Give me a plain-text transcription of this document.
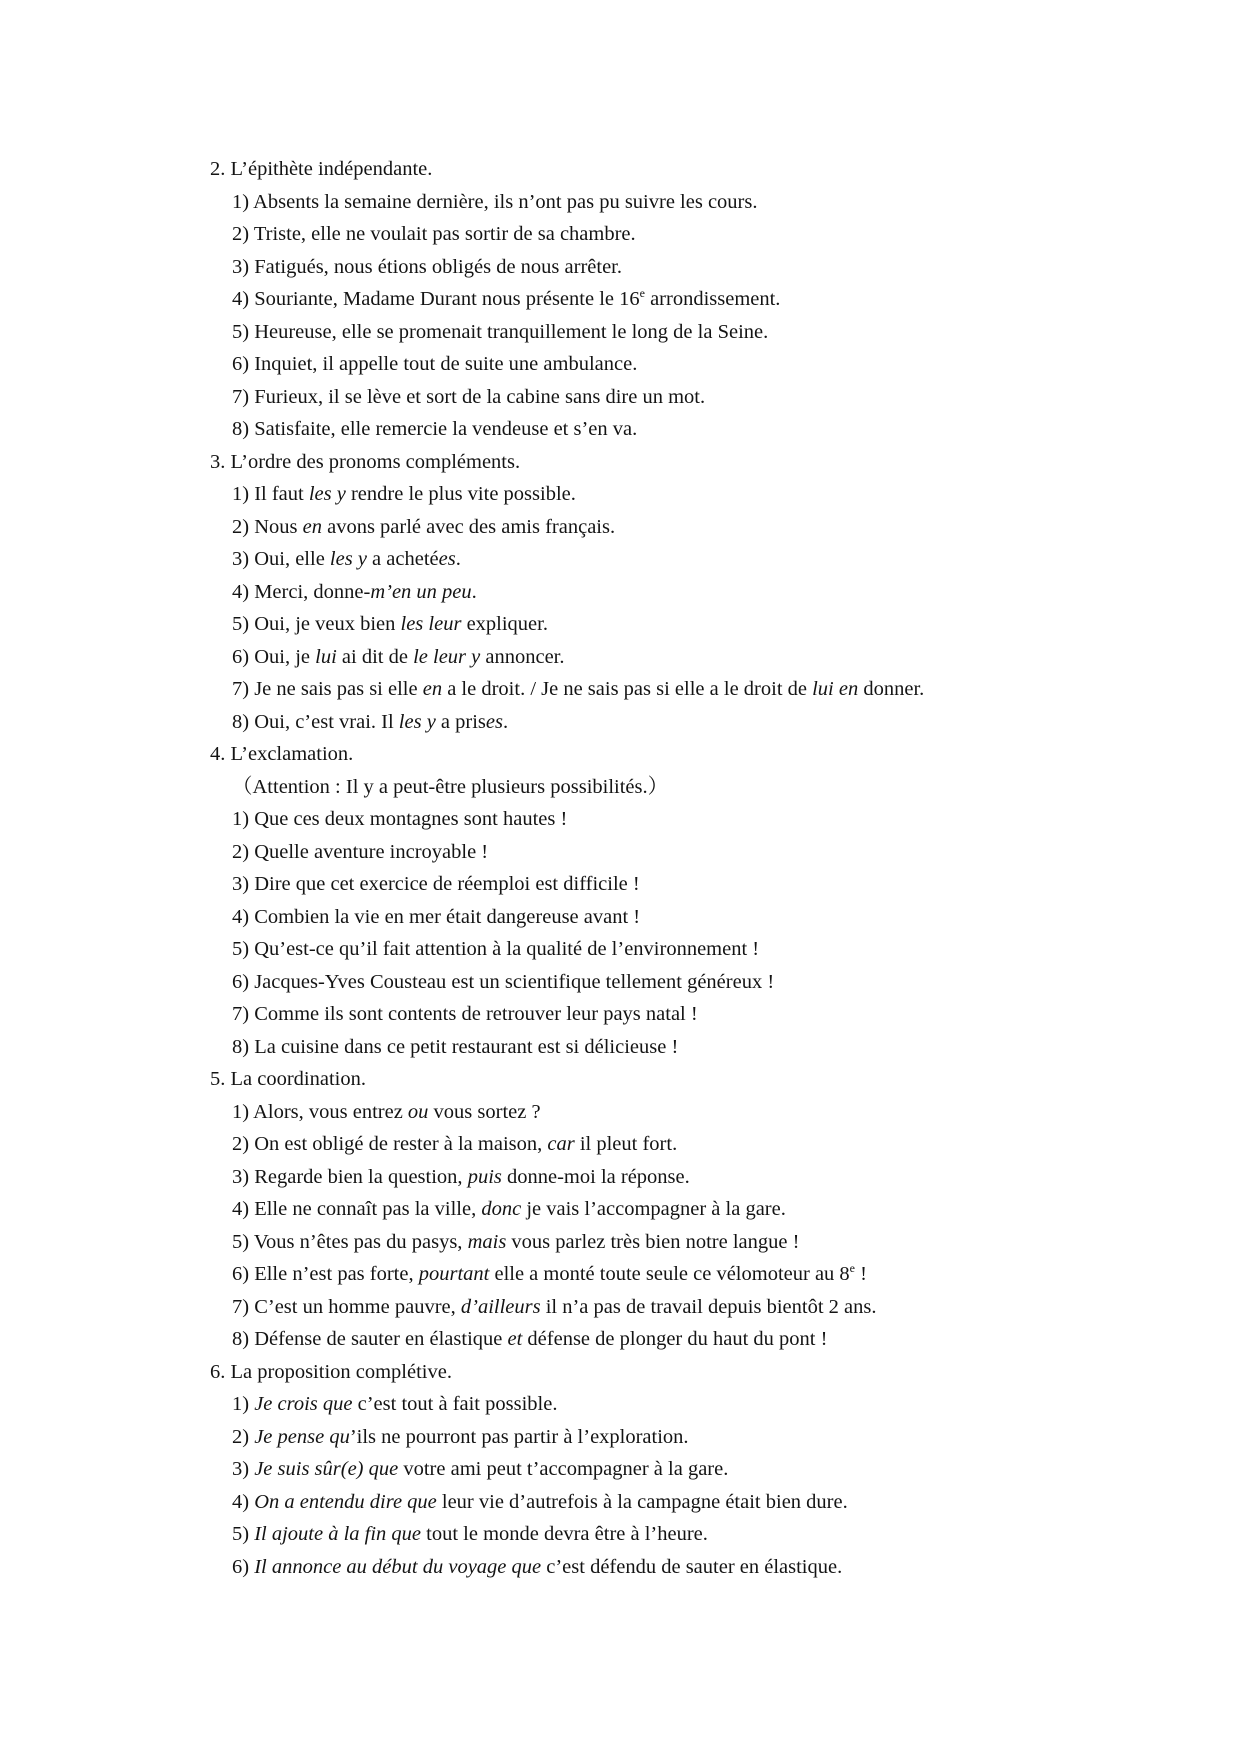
2. L’épithète indépendante.
1) Absents la semaine dernière, ils n’ont pas pu suivre les cours.
2) Triste, elle ne voulait pas sortir de sa chambre.
3) Fatigués, nous étions obligés de nous arrêter.
4) Souriante, Madame Durant nous présente le 16e arrondissement.
5) Heureuse, elle se promenait tranquillement le long de la Seine.
6) Inquiet, il appelle tout de suite une ambulance.
7) Furieux, il se lève et sort de la cabine sans dire un mot.
8) Satisfaite, elle remercie la vendeuse et s’en va.
3. L’ordre des pronoms compléments.
1) Il faut les y rendre le plus vite possible.
2) Nous en avons parlé avec des amis français.
3) Oui, elle les y a achetées.
4) Merci, donne-m’en un peu.
5) Oui, je veux bien les leur expliquer.
6) Oui, je lui ai dit de le leur y annoncer.
7) Je ne sais pas si elle en a le droit. / Je ne sais pas si elle a le droit de lui en donner.
8) Oui, c’est vrai. Il les y a prises.
4. L’exclamation.
（Attention : Il y a peut-être plusieurs possibilités.）
1) Que ces deux montagnes sont hautes !
2) Quelle aventure incroyable !
3) Dire que cet exercice de réemploi est difficile !
4) Combien la vie en mer était dangereuse avant !
5) Qu’est-ce qu’il fait attention à la qualité de l’environnement !
6) Jacques-Yves Cousteau est un scientifique tellement généreux !
7) Comme ils sont contents de retrouver leur pays natal !
8) La cuisine dans ce petit restaurant est si délicieuse !
5. La coordination.
1) Alors, vous entrez ou vous sortez ?
2) On est obligé de rester à la maison, car il pleut fort.
3) Regarde bien la question, puis donne-moi la réponse.
4) Elle ne connaît pas la ville, donc je vais l’accompagner à la gare.
5) Vous n’êtes pas du pasys, mais vous parlez très bien notre langue !
6) Elle n’est pas forte, pourtant elle a monté toute seule ce vélomoteur au 8e !
7) C’est un homme pauvre, d’ailleurs il n’a pas de travail depuis bientôt 2 ans.
8) Défense de sauter en élastique et défense de plonger du haut du pont !
6. La proposition complétive.
1) Je crois que c’est tout à fait possible.
2) Je pense qu’ils ne pourront pas partir à l’exploration.
3) Je suis sûr(e) que votre ami peut t’accompagner à la gare.
4) On a entendu dire que leur vie d’autrefois à la campagne était bien dure.
5) Il ajoute à la fin que tout le monde devra être à l’heure.
6) Il annonce au début du voyage que c’est défendu de sauter en élastique.
